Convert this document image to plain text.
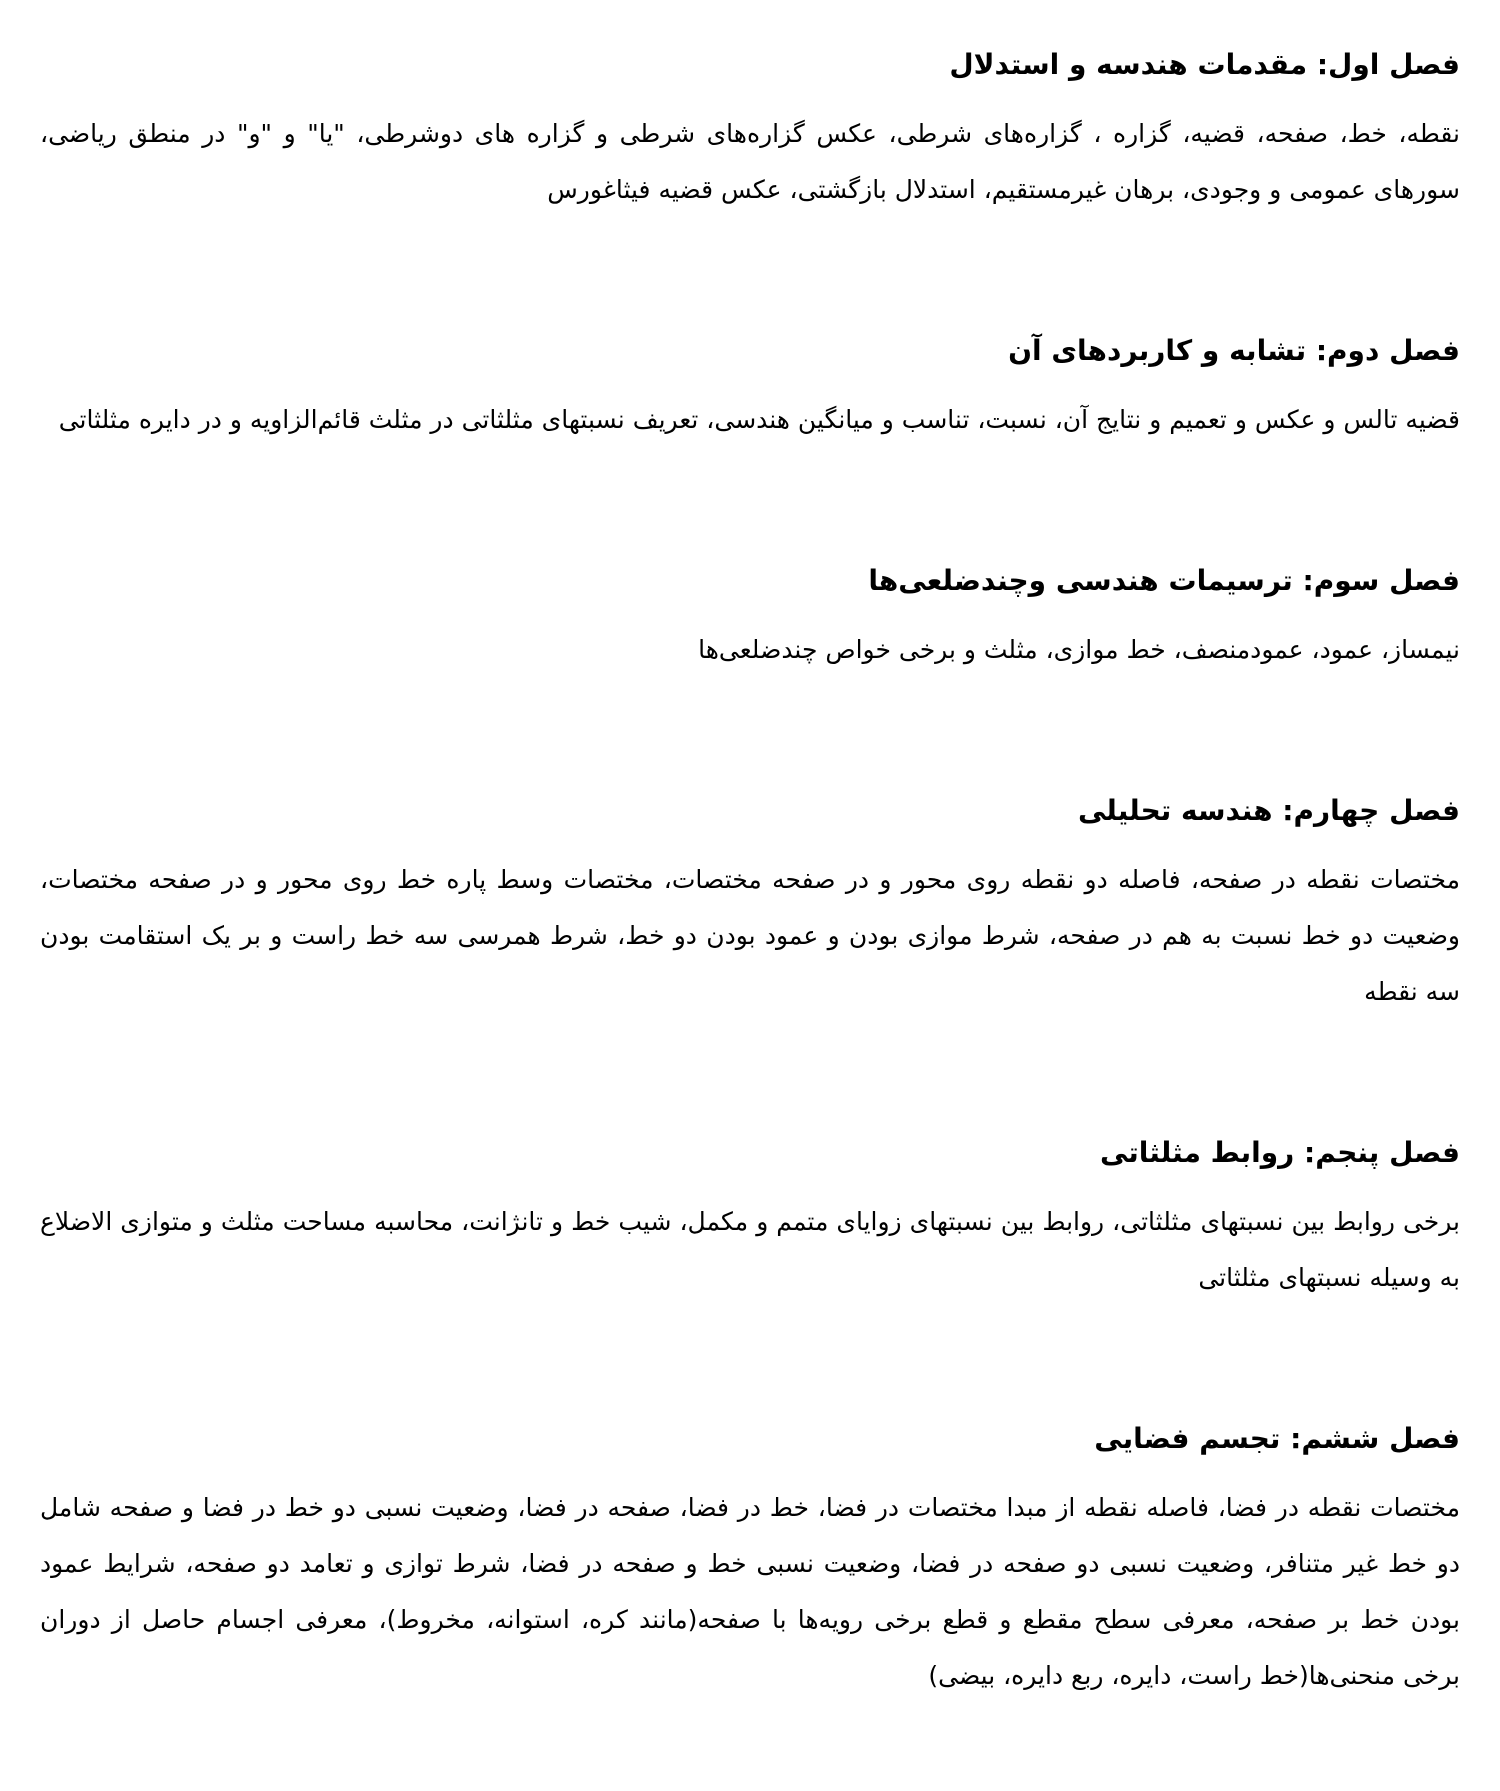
فصل اول: مقدمات هندسه و استدلال

نقطه، خط، صفحه، قضیه، گزاره ، گزاره‌های شرطی، عکس گزاره‌های شرطی و گزاره های دوشرطی، "یا" و "و" در منطق ریاضی، سورهای عمومی و وجودی، برهان غیرمستقیم، استدلال بازگشتی، عکس قضیه فیثاغورس

فصل دوم: تشابه و کاربردهای آن

قضیه تالس و عکس و تعمیم و نتایج آن، نسبت، تناسب و میانگین هندسی، تعریف نسبتهای مثلثاتی در مثلث قائم‌الزاویه و در دایره مثلثاتی

فصل سوم: ترسیمات هندسی وچندضلعی‌ها

نیمساز، عمود، عمودمنصف، خط موازی، مثلث و برخی خواص چندضلعی‌ها

فصل چهارم: هندسه تحلیلی

مختصات نقطه در صفحه، فاصله دو نقطه روی محور و در صفحه مختصات، مختصات وسط پاره خط روی محور و در صفحه مختصات، وضعیت دو خط نسبت به هم در صفحه، شرط موازی بودن و عمود بودن دو خط، شرط همرسی سه خط راست و بر یک استقامت بودن سه نقطه

فصل پنجم: روابط مثلثاتی

برخی روابط بین نسبتهای مثلثاتی، روابط بین نسبتهای زوایای متمم و مکمل، شیب خط و تانژانت، محاسبه مساحت مثلث و متوازی الاضلاع به وسیله نسبتهای مثلثاتی

فصل ششم: تجسم فضایی

مختصات نقطه در فضا، فاصله نقطه از مبدا مختصات در فضا، خط در فضا، صفحه در فضا، وضعیت نسبی دو خط در فضا و صفحه شامل دو خط غیر متنافر، وضعیت نسبی دو صفحه در فضا، وضعیت نسبی خط و صفحه در فضا، شرط توازی و تعامد دو صفحه، شرایط عمود بودن خط بر صفحه، معرفی سطح مقطع و قطع برخی رویه‌ها با صفحه(مانند کره، استوانه، مخروط)، معرفی اجسام حاصل از دوران برخی منحنی‌ها(خط راست، دایره، ربع دایره، بیضی)
